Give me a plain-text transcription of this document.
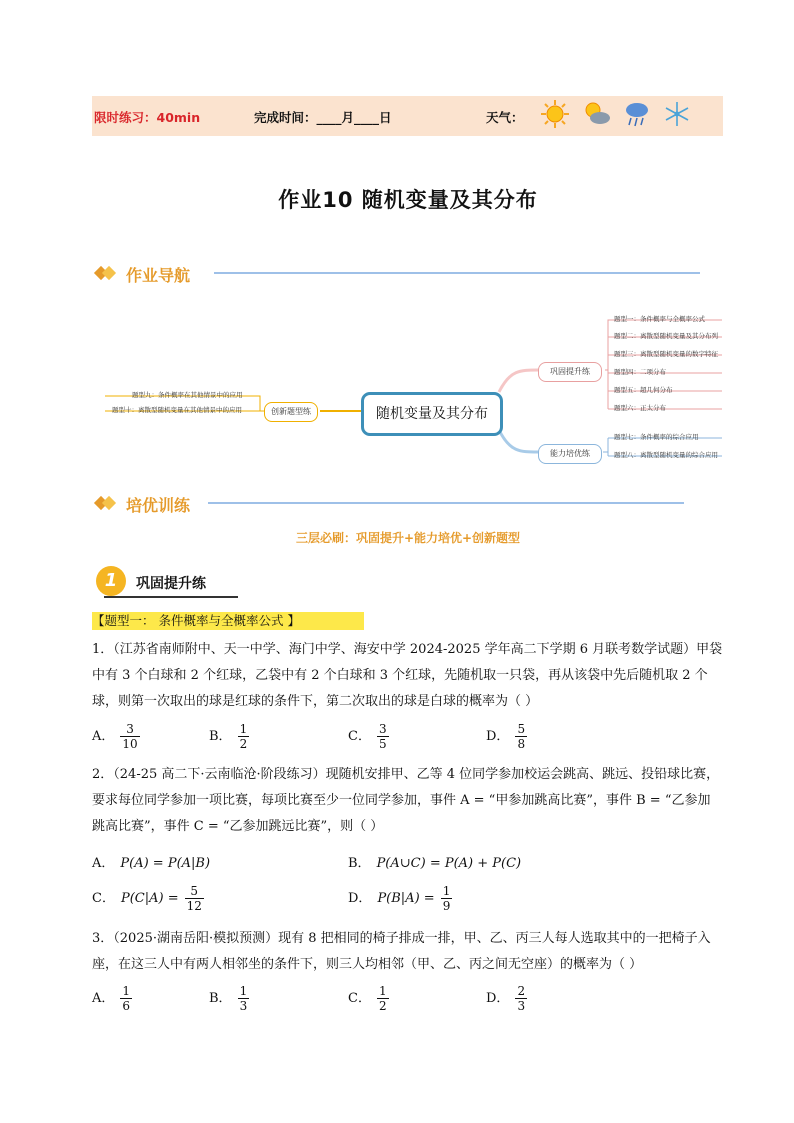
限时练习：40min	完成时间：____月____日	天气：
作业10 随机变量及其分布
作业导航
随机变量及其分布
创新题型练
巩固提升练
能力培优练
题型一：条件概率与全概率公式
题型二：离散型随机变量及其分布列
题型三：离散型随机变量的数字特征
题型四：二项分布
题型五：超几何分布
题型六：正太分布
题型七：条件概率的综合应用
题型八：离散型随机变量的综合应用
题型九：条件概率在其他情景中的应用
题型十：离散型随机变量在其他情景中的应用
培优训练
三层必刷：巩固提升+能力培优+创新题型
1	巩固提升练
【题型一： 条件概率与全概率公式 】
1．（江苏省南师附中、天一中学、海门中学、海安中学 2024-2025 学年高二下学期 6 月联考数学试题）甲袋
中有 3 个白球和 2 个红球，乙袋中有 2 个白球和 3 个红球，先随机取一只袋，再从该袋中先后随机取 2 个
球，则第一次取出的球是红球的条件下，第二次取出的球是白球的概率为（ ）
A． $\frac{3}{10}$	B． $\frac{1}{2}$	C． $\frac{3}{5}$	D． $\frac{5}{8}$
2．（24-25 高二下·云南临沧·阶段练习）现随机安排甲、乙等 4 位同学参加校运会跳高、跳远、投铅球比赛，
要求每位同学参加一项比赛，每项比赛至少一位同学参加，事件 A = “甲参加跳高比赛”，事件 B = “乙参加
跳高比赛”，事件 C = “乙参加跳远比赛”，则（ ）
A． P(A) = P(A|B)	B． P(A∪C) = P(A) + P(C)
C． $P(C|A) = \frac{5}{12}$	D． $P(B|A) = \frac{1}{9}$
3．（2025·湖南岳阳·模拟预测）现有 8 把相同的椅子排成一排，甲、乙、丙三人每人选取其中的一把椅子入
座，在这三人中有两人相邻坐的条件下，则三人均相邻（甲、乙、丙之间无空座）的概率为（ ）
A． $\frac{1}{6}$	B． $\frac{1}{3}$	C． $\frac{1}{2}$	D． $\frac{2}{3}$
